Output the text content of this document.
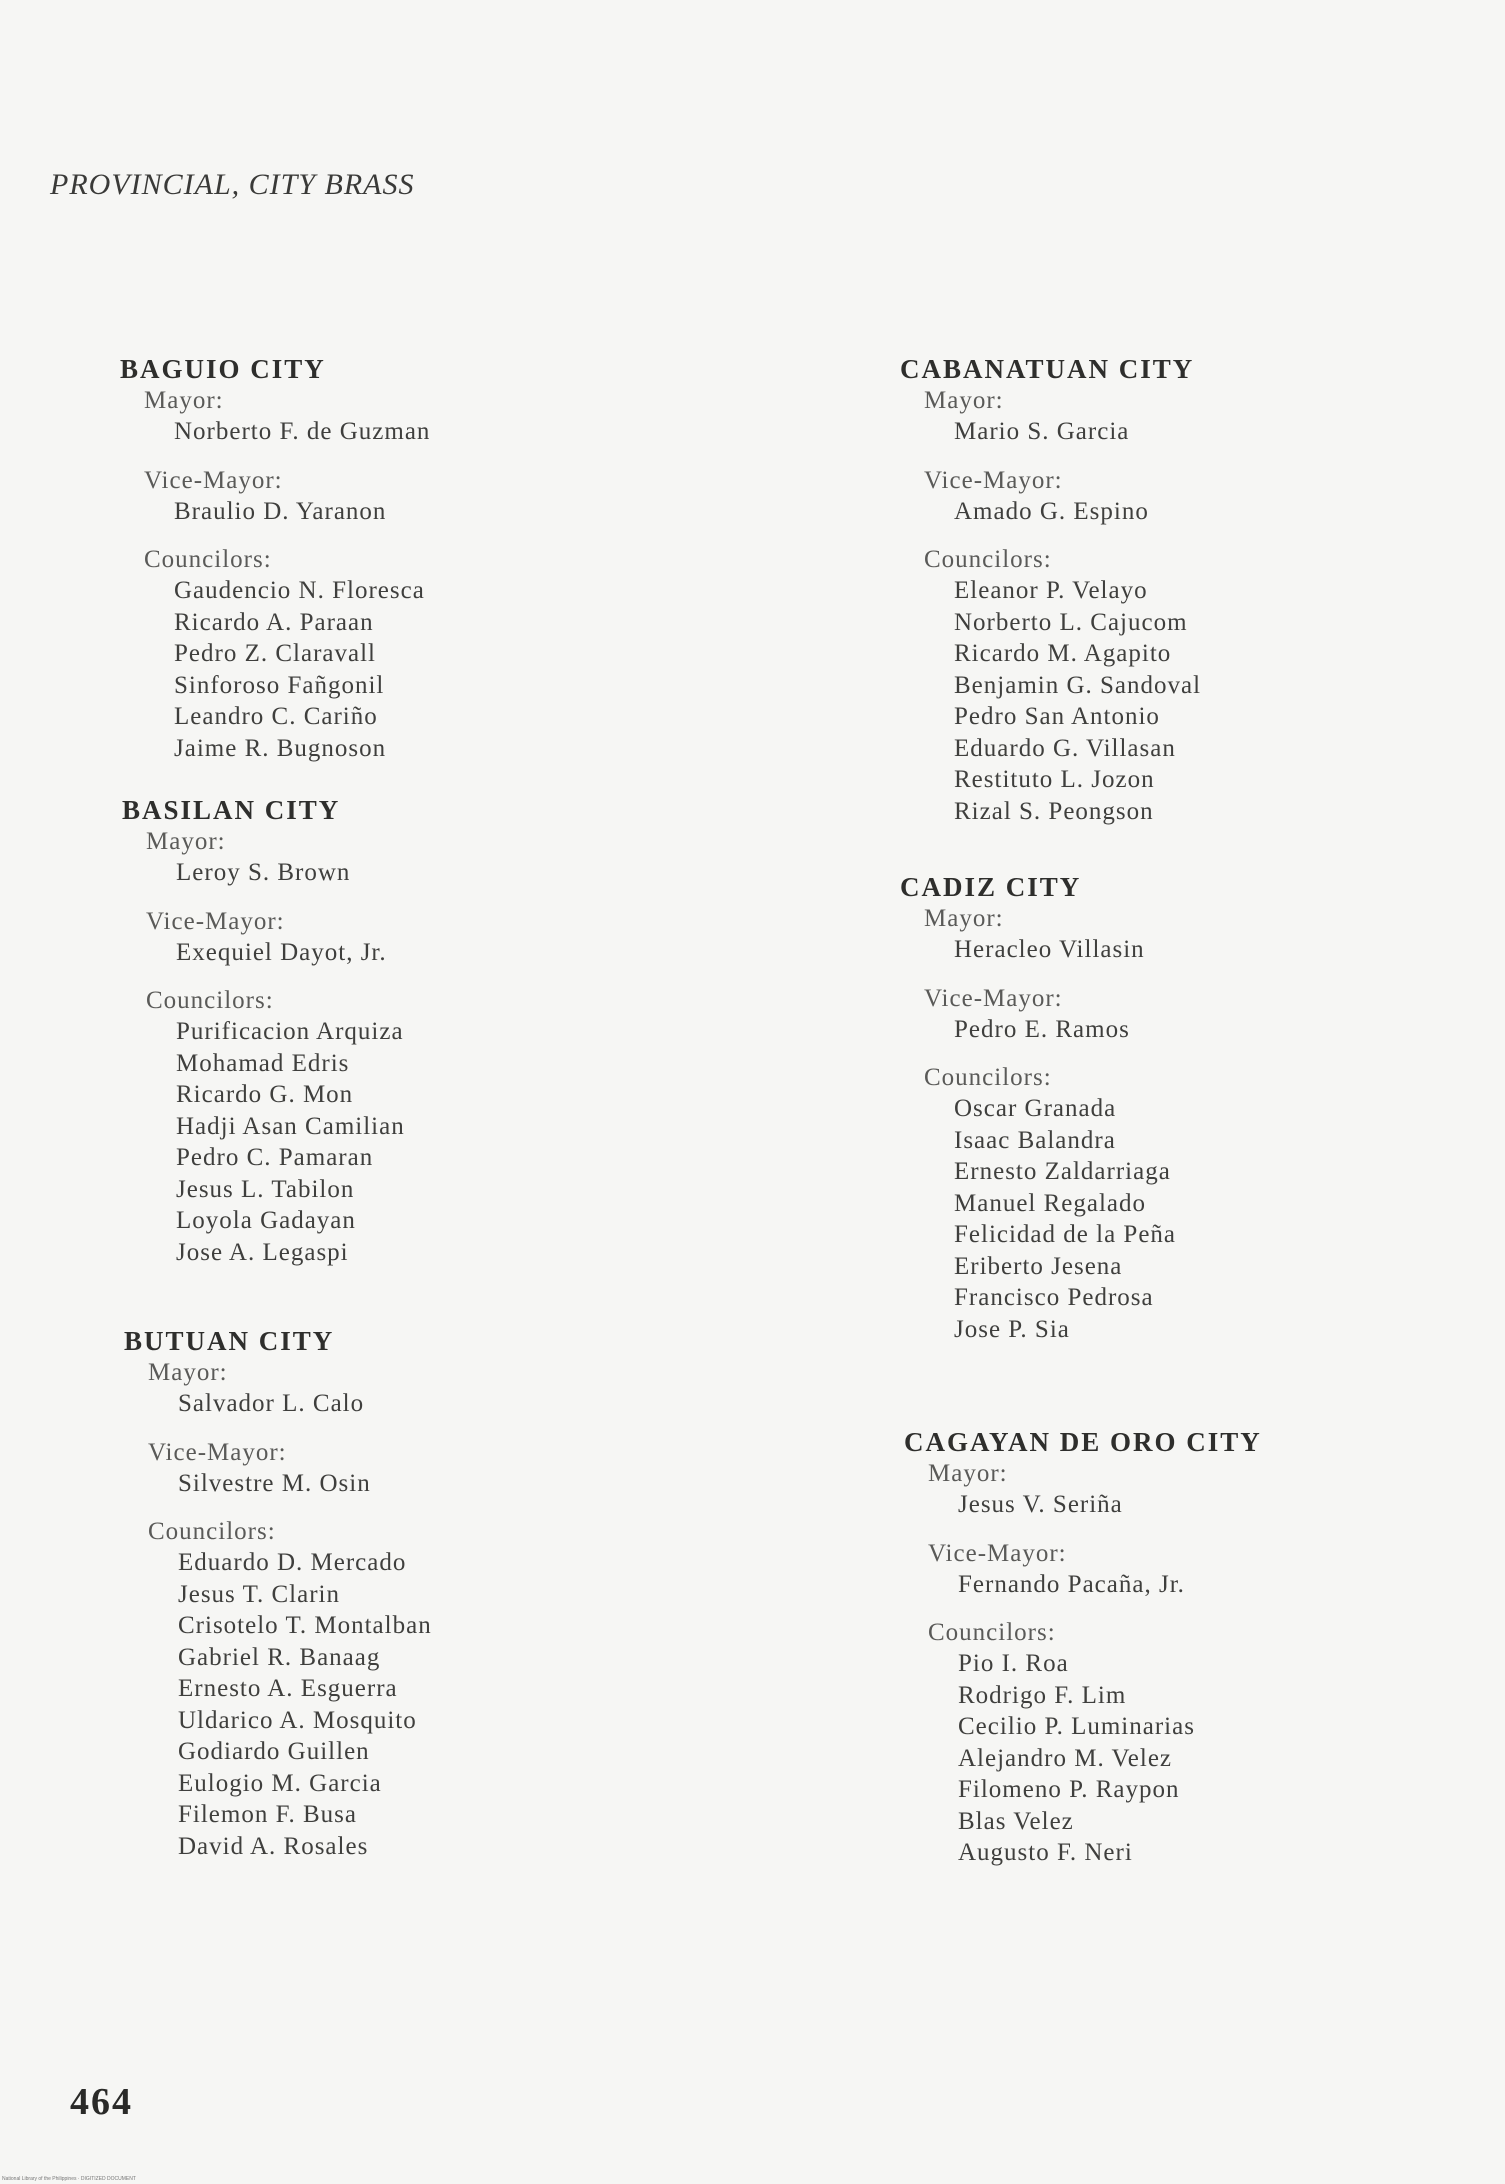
PROVINCIAL, CITY BRASS
BAGUIO CITY
Mayor:
Norberto F. de Guzman
Vice-Mayor:
Braulio D. Yaranon
Councilors:
Gaudencio N. Floresca
Ricardo A. Paraan
Pedro Z. Claravall
Sinforoso Fañgonil
Leandro C. Cariño
Jaime R. Bugnoson
BASILAN CITY
Mayor:
Leroy S. Brown
Vice-Mayor:
Exequiel Dayot, Jr.
Councilors:
Purificacion Arquiza
Mohamad Edris
Ricardo G. Mon
Hadji Asan Camilian
Pedro C. Pamaran
Jesus L. Tabilon
Loyola Gadayan
Jose A. Legaspi
BUTUAN CITY
Mayor:
Salvador L. Calo
Vice-Mayor:
Silvestre M. Osin
Councilors:
Eduardo D. Mercado
Jesus T. Clarin
Crisotelo T. Montalban
Gabriel R. Banaag
Ernesto A. Esguerra
Uldarico A. Mosquito
Godiardo Guillen
Eulogio M. Garcia
Filemon F. Busa
David A. Rosales
CABANATUAN CITY
Mayor:
Mario S. Garcia
Vice-Mayor:
Amado G. Espino
Councilors:
Eleanor P. Velayo
Norberto L. Cajucom
Ricardo M. Agapito
Benjamin G. Sandoval
Pedro San Antonio
Eduardo G. Villasan
Restituto L. Jozon
Rizal S. Peongson
CADIZ CITY
Mayor:
Heracleo Villasin
Vice-Mayor:
Pedro E. Ramos
Councilors:
Oscar Granada
Isaac Balandra
Ernesto Zaldarriaga
Manuel Regalado
Felicidad de la Peña
Eriberto Jesena
Francisco Pedrosa
Jose P. Sia
CAGAYAN DE ORO CITY
Mayor:
Jesus V. Seriña
Vice-Mayor:
Fernando Pacaña, Jr.
Councilors:
Pio I. Roa
Rodrigo F. Lim
Cecilio P. Luminarias
Alejandro M. Velez
Filomeno P. Raypon
Blas Velez
Augusto F. Neri
464
National Library of the Philippines · DIGITIZED DOCUMENT
